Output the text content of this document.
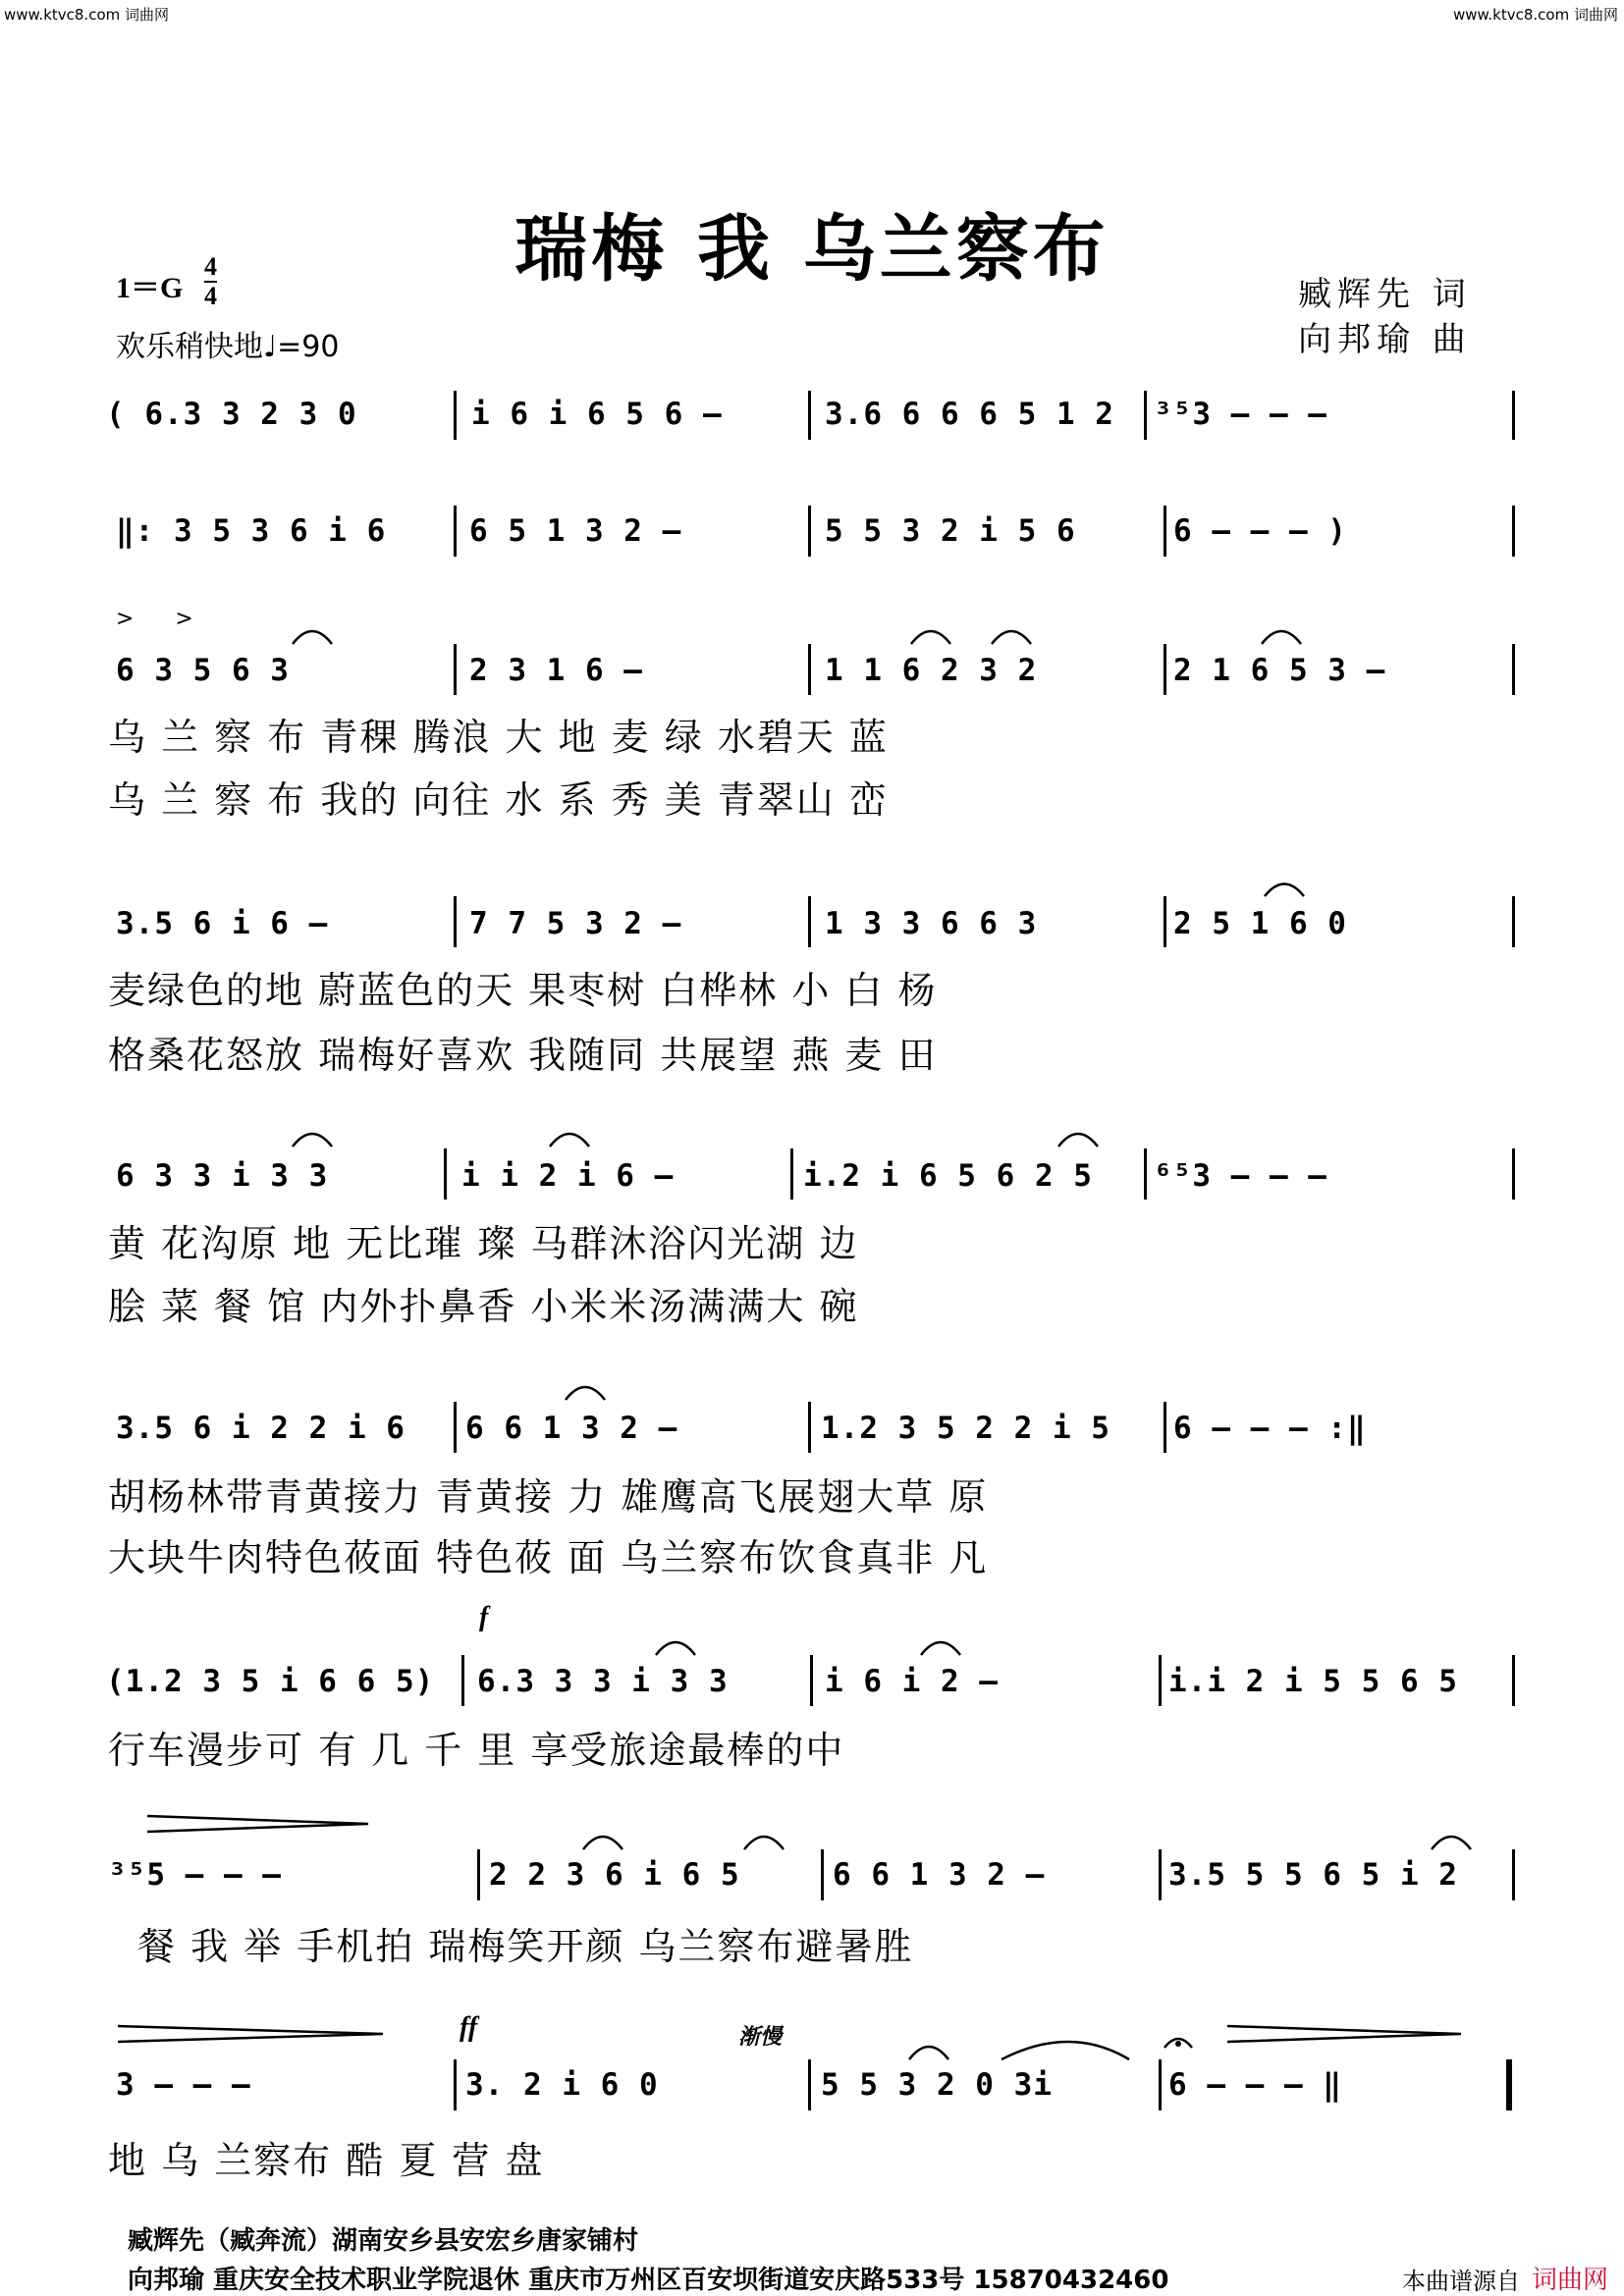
www.ktvc8.com 词曲网	www.ktvc8.com 词曲网
瑞梅 我 乌兰察布
1＝G
4
4
欢乐稍快地♩=90
臧辉先 词
向邦瑜 曲
( 6.3 3 2 3 0	i 6 i 6 5 6 –	3.6 6 6 6 5 1 2 ³⁵3 – – –
‖: 3 5 3 6 i 6	6 5 1 3 2 –	5 5 3 2 i 5 6	6 – – – )
>      >
6 3 5 6 3	2 3 1 6 –	1 1 6 2 3 2	2 1 6 5 3 –
乌 兰 察 布 青稞 腾浪 大 地 麦 绿 水碧天 蓝
乌 兰 察 布 我的 向往 水 系 秀 美 青翠山 峦
3.5 6 i 6 –	7 7 5 3 2 –	1 3 3 6 6 3	2 5 1 6 0
麦绿色的地 蔚蓝色的天 果枣树 白桦林 小 白 杨
格桑花怒放 瑞梅好喜欢 我随同 共展望 燕 麦 田
6 3 3 i 3 3	i i 2 i 6 –	i.2 i 6 5 6 2 5 ⁶⁵3 – – –
黄 花沟原 地 无比璀 璨 马群沐浴闪光湖 边
脍 菜 餐 馆 内外扑鼻香 小米米汤满满大 碗
3.5 6 i 2 2 i 6 6 6 1 3 2 –	1.2 3 5 2 2 i 5 6 – – – :‖
胡杨林带青黄接力 青黄接 力 雄鹰高飞展翅大草 原
大块牛肉特色莜面 特色莜 面 乌兰察布饮食真非 凡
f
(1.2 3 5 i 6 6 5) 6.3 3 3 i 3 3	i 6 i 2 –	i.i 2 i 5 5 6 5
行车漫步可 有 几 千 里 享受旅途最棒的中
³⁵5 – – –	2 2 3 6 i 6 5	6 6 1 3 2 –	3.5 5 5 6 5 i 2
餐 我 举 手机拍 瑞梅笑开颜 乌兰察布避暑胜
ff	渐慢
3 – – –	3. 2 i 6 0	5 5 3 2 0 3i	6 – – – ‖
地 乌 兰察布 酷 夏 营 盘
臧辉先（臧奔流）湖南安乡县安宏乡唐家铺村
向邦瑜 重庆安全技术职业学院退休 重庆市万州区百安坝街道安庆路533号 15870432460	本曲谱源自 词曲网
